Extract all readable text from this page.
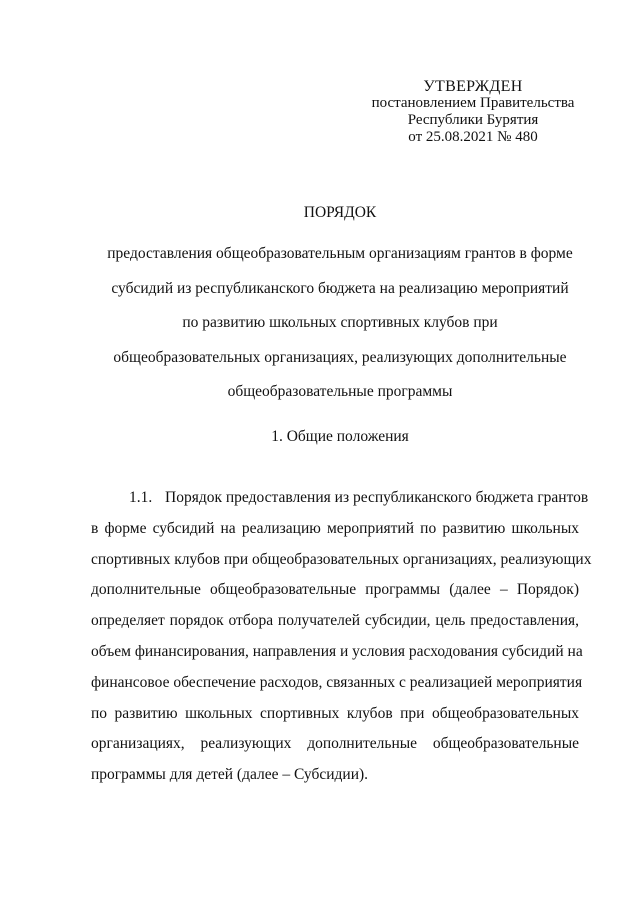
УТВЕРЖДЕН
постановлением Правительства
Республики Бурятия
от 25.08.2021 № 480
ПОРЯДОК
предоставления общеобразовательным организациям грантов в форме
субсидий из республиканского бюджета на реализацию мероприятий
по развитию школьных спортивных клубов при
общеобразовательных организациях, реализующих дополнительные
общеобразовательные программы
1. Общие положения
1.1. Порядок предоставления из республиканского бюджета грантов
в форме субсидий на реализацию мероприятий по развитию школьных
спортивных клубов при общеобразовательных организациях, реализующих
дополнительные общеобразовательные программы (далее – Порядок)
определяет порядок отбора получателей субсидии, цель предоставления,
объем финансирования, направления и условия расходования субсидий на
финансовое обеспечение расходов, связанных с реализацией мероприятия
по развитию школьных спортивных клубов при общеобразовательных
организациях, реализующих дополнительные общеобразовательные
программы для детей (далее – Субсидии).
